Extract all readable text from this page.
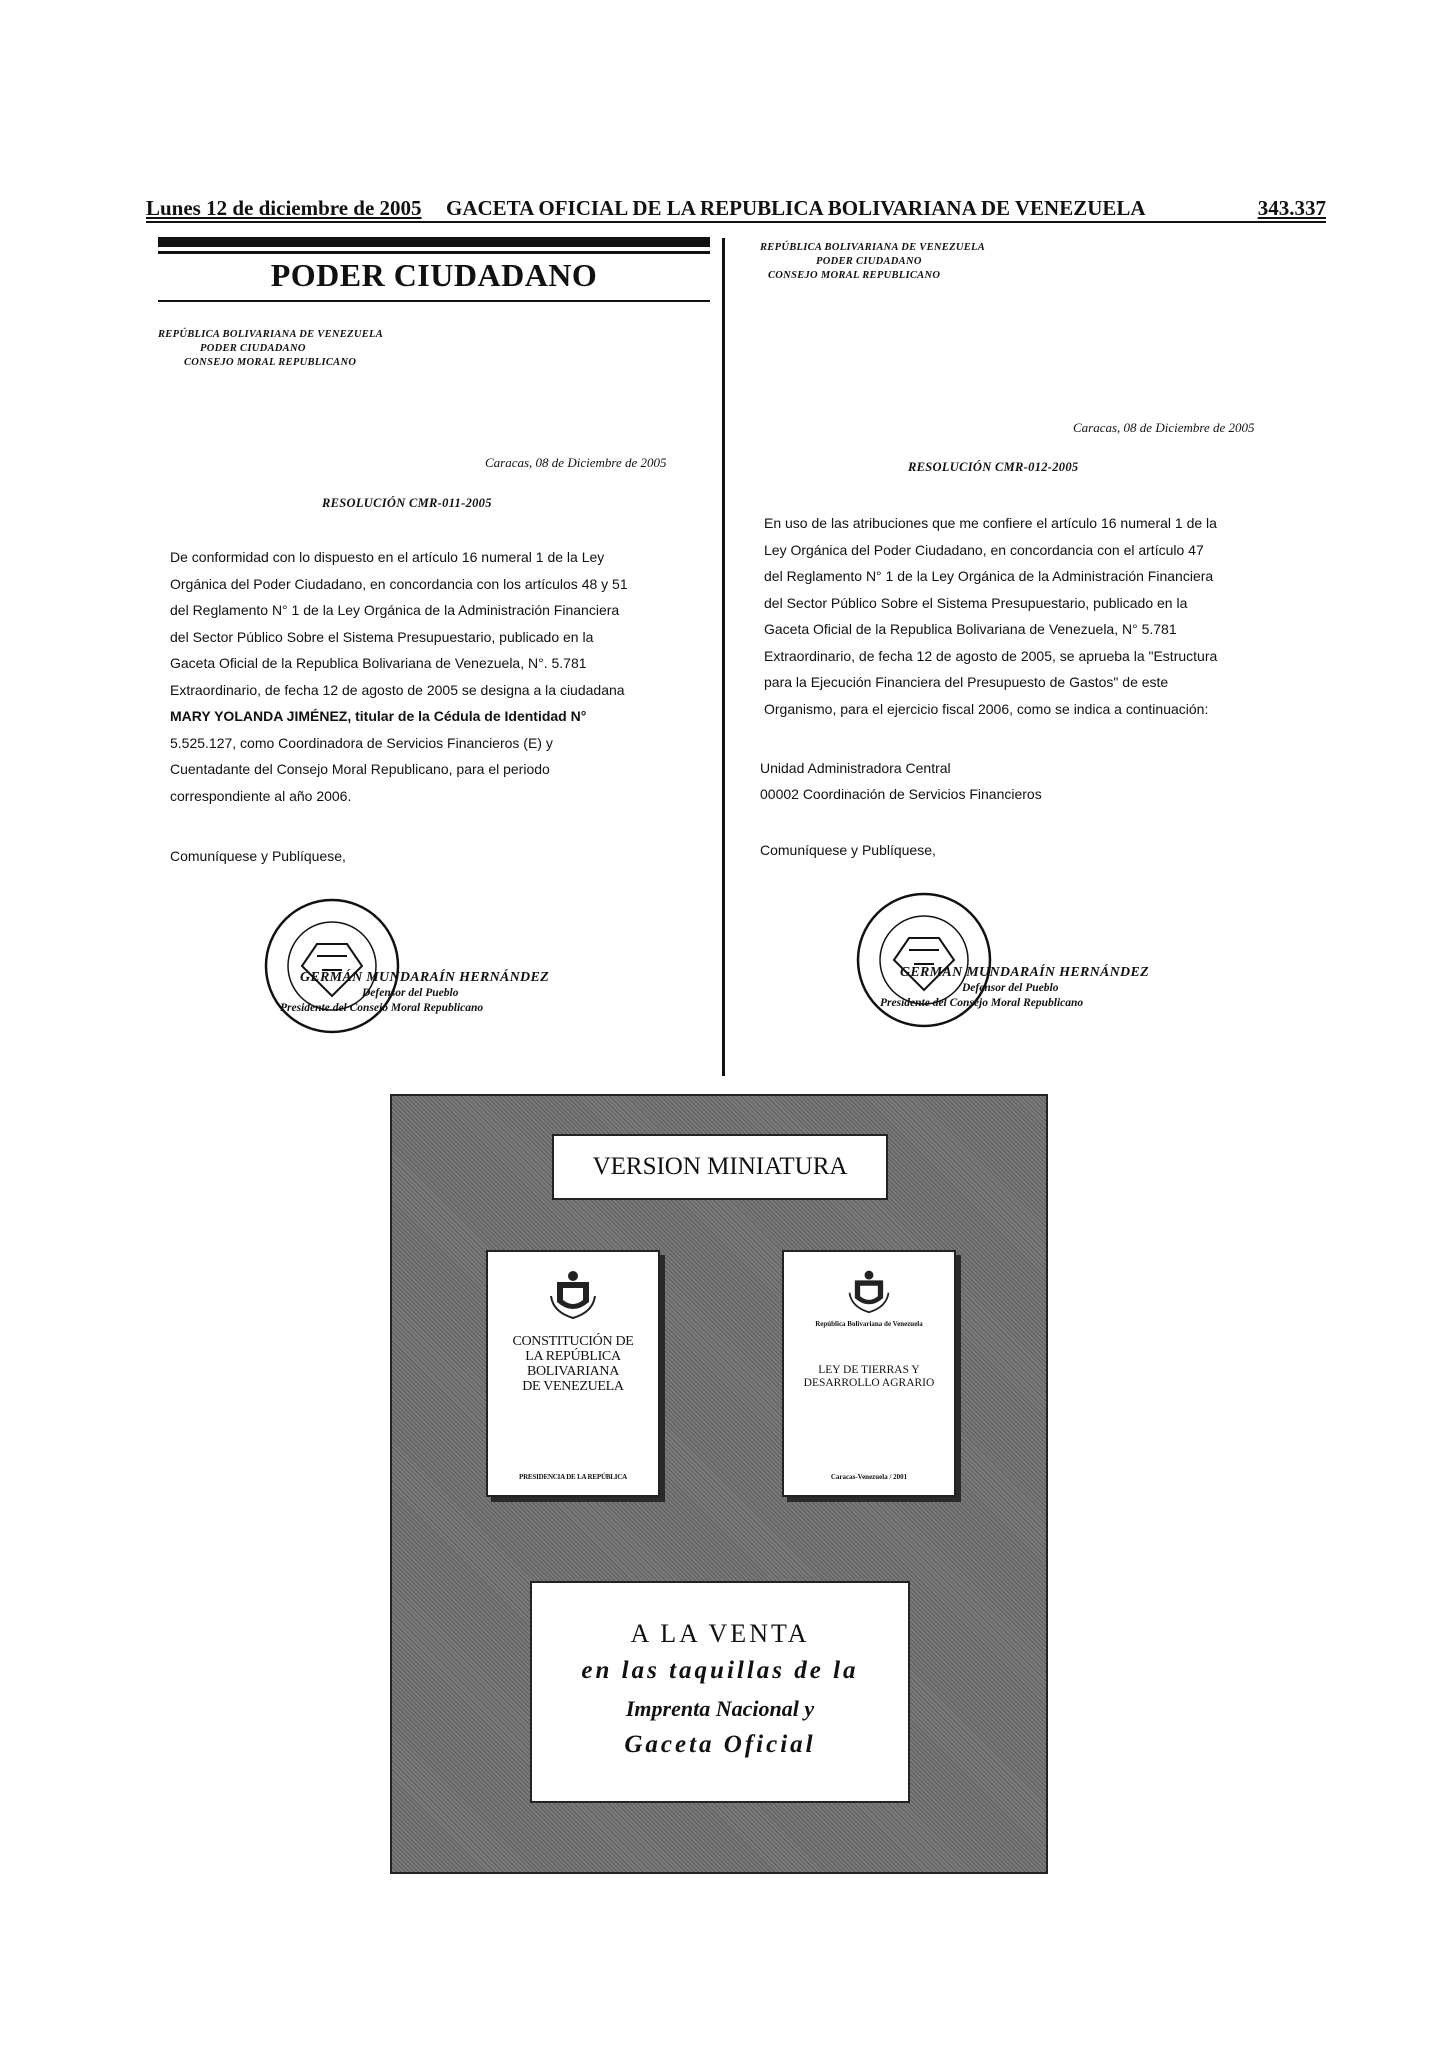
Lunes 12 de diciembre de 2005 GACETA OFICIAL DE LA REPUBLICA BOLIVARIANA DE VENEZUELA	343.337
PODER CIUDADANO
REPÚBLICA BOLIVARIANA DE VENEZUELA
PODER CIUDADANO
CONSEJO MORAL REPUBLICANO
Caracas, 08 de Diciembre de 2005
RESOLUCIÓN CMR-011-2005

De conformidad con lo dispuesto en el artículo 16 numeral 1 de la Ley

Orgánica del Poder Ciudadano, en concordancia con los artículos 48 y 51

del Reglamento N° 1 de la Ley Orgánica de la Administración Financiera

del Sector Público Sobre el Sistema Presupuestario, publicado en la

Gaceta Oficial de la Republica Bolivariana de Venezuela, N°. 5.781

Extraordinario, de fecha 12 de agosto de 2005 se designa a la ciudadana

MARY YOLANDA JIMÉNEZ, titular de la Cédula de Identidad N°

5.525.127, como Coordinadora de Servicios Financieros (E) y

Cuentadante del Consejo Moral Republicano, para el periodo

correspondiente al año 2006.

Comuníquese y Publíquese,
GERMÁN MUNDARAÍN HERNÁNDEZ
Defensor del Pueblo
Presidente del Consejo Moral Republicano
REPÚBLICA BOLIVARIANA DE VENEZUELA
PODER CIUDADANO
CONSEJO MORAL REPUBLICANO
Caracas, 08 de Diciembre de 2005
RESOLUCIÓN CMR-012-2005

En uso de las atribuciones que me confiere el artículo 16 numeral 1 de la

Ley Orgánica del Poder Ciudadano, en concordancia con el artículo 47

del Reglamento N° 1 de la Ley Orgánica de la Administración Financiera

del Sector Público Sobre el Sistema Presupuestario, publicado en la

Gaceta Oficial de la Republica Bolivariana de Venezuela, N° 5.781

Extraordinario, de fecha 12 de agosto de 2005, se aprueba la "Estructura

para la Ejecución Financiera del Presupuesto de Gastos" de este

Organismo, para el ejercicio fiscal 2006, como se indica a continuación:

Unidad Administradora Central
00002 Coordinación de Servicios Financieros
Comuníquese y Publíquese,
GERMÁN MUNDARAÍN HERNÁNDEZ
Defensor del Pueblo
Presidente del Consejo Moral Republicano
VERSION MINIATURA
CONSTITUCIÓN DE
LA REPÚBLICA
BOLIVARIANA
DE VENEZUELA
PRESIDENCIA DE LA REPÚBLICA
República Bolivariana de Venezuela
LEY DE TIERRAS Y
DESARROLLO AGRARIO
Caracas-Venezuela / 2001
A LA VENTA
en las taquillas de la
Imprenta Nacional y
Gaceta Oficial
